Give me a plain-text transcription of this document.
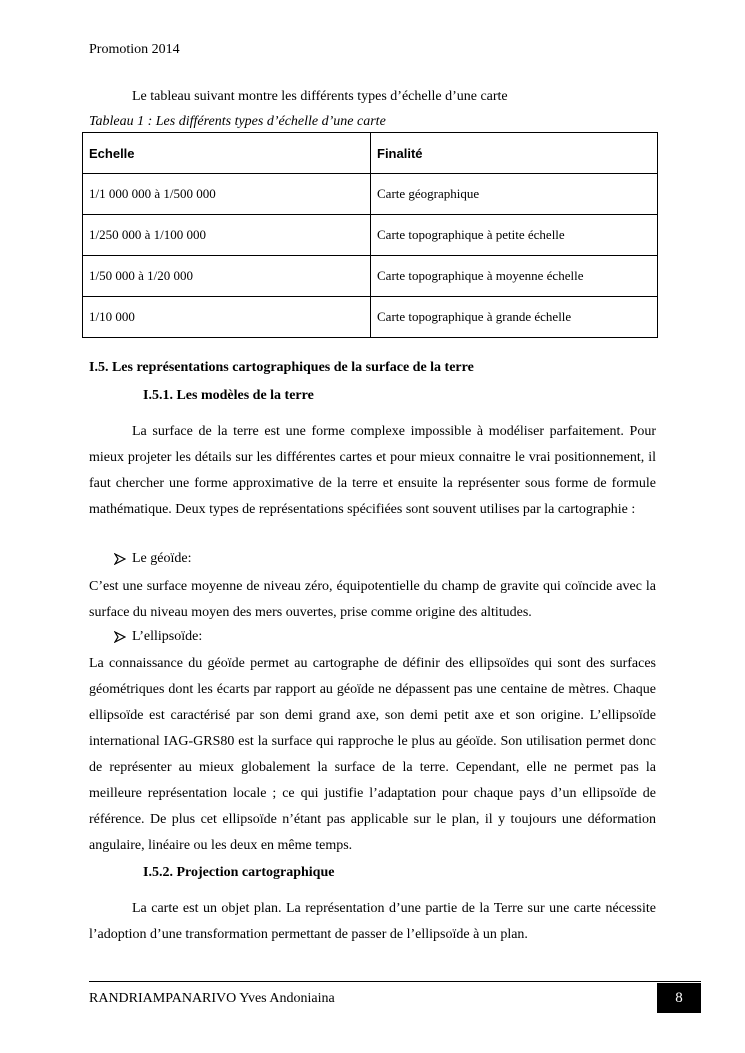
Promotion 2014
Le tableau suivant montre les différents types d’échelle d’une carte
Tableau 1 : Les différents types d’échelle d’une carte
Echelle	Finalité
1/1 000 000 à 1/500 000	Carte géographique
1/250 000 à 1/100 000	Carte topographique à petite échelle
1/50 000 à 1/20 000	Carte topographique à moyenne échelle
1/10 000	Carte topographique à grande échelle
I.5. Les représentations cartographiques de la surface de la terre
I.5.1. Les modèles de la terre

La surface de la terre est une forme complexe impossible à modéliser parfaitement. Pour mieux projeter les détails sur les différentes cartes et pour mieux connaitre le vrai positionnement, il faut chercher une forme approximative de la terre et ensuite la représenter sous forme de formule mathématique. Deux types de représentations spécifiées sont souvent utilises par la cartographie :

Le géoïde:

C’est une surface moyenne de niveau zéro, équipotentielle du champ de gravite qui coïncide avec la surface du niveau moyen des mers ouvertes, prise comme origine des altitudes.

L’ellipsoïde:

La connaissance du géoïde permet au cartographe de définir des ellipsoïdes qui sont des surfaces géométriques dont les écarts par rapport au géoïde ne dépassent pas une centaine de mètres. Chaque ellipsoïde est caractérisé par son demi grand axe, son demi petit axe et son origine. L’ellipsoïde international IAG-GRS80 est la surface qui rapproche le plus au géoïde. Son utilisation permet donc de représenter au mieux globalement la surface de la terre. Cependant, elle ne permet pas la meilleure représentation locale ; ce qui justifie l’adaptation pour chaque pays d’un ellipsoïde de référence. De plus cet ellipsoïde n’étant pas applicable sur le plan, il y toujours une déformation angulaire, linéaire ou les deux en même temps.

I.5.2. Projection cartographique

La carte est un objet plan. La représentation d’une partie de la Terre sur une carte nécessite l’adoption d’une transformation permettant de passer de l’ellipsoïde à un plan.

RANDRIAMPANARIVO Yves Andoniaina	8
